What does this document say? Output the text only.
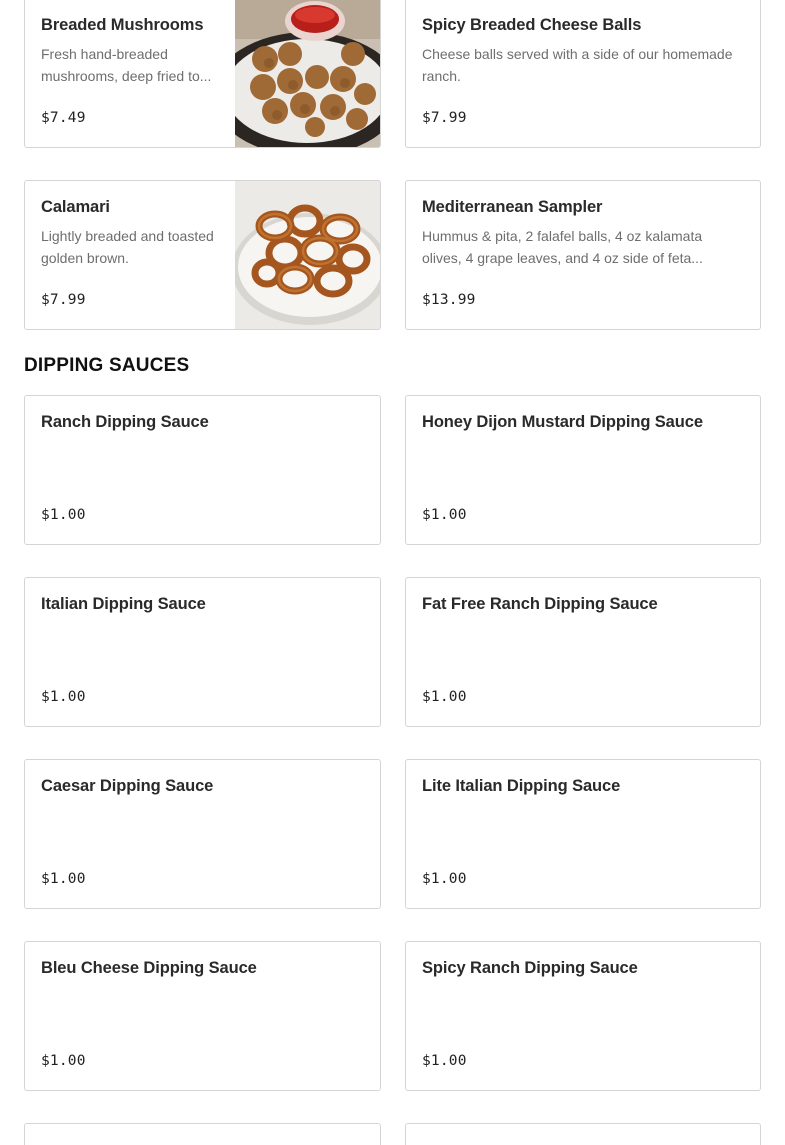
Breaded Mushrooms
Fresh hand-breaded mushrooms, deep fried to...
$7.49
Spicy Breaded Cheese Balls
Cheese balls served with a side of our homemade ranch.
$7.99
Calamari
Lightly breaded and toasted golden brown.
$7.99
Mediterranean Sampler
Hummus & pita, 2 falafel balls, 4 oz kalamata olives, 4 grape leaves, and 4 oz side of feta...
$13.99
DIPPING SAUCES
Ranch Dipping Sauce
$1.00
Honey Dijon Mustard Dipping Sauce
$1.00
Italian Dipping Sauce
$1.00
Fat Free Ranch Dipping Sauce
$1.00
Caesar Dipping Sauce
$1.00
Lite Italian Dipping Sauce
$1.00
Bleu Cheese Dipping Sauce
$1.00
Spicy Ranch Dipping Sauce
$1.00
